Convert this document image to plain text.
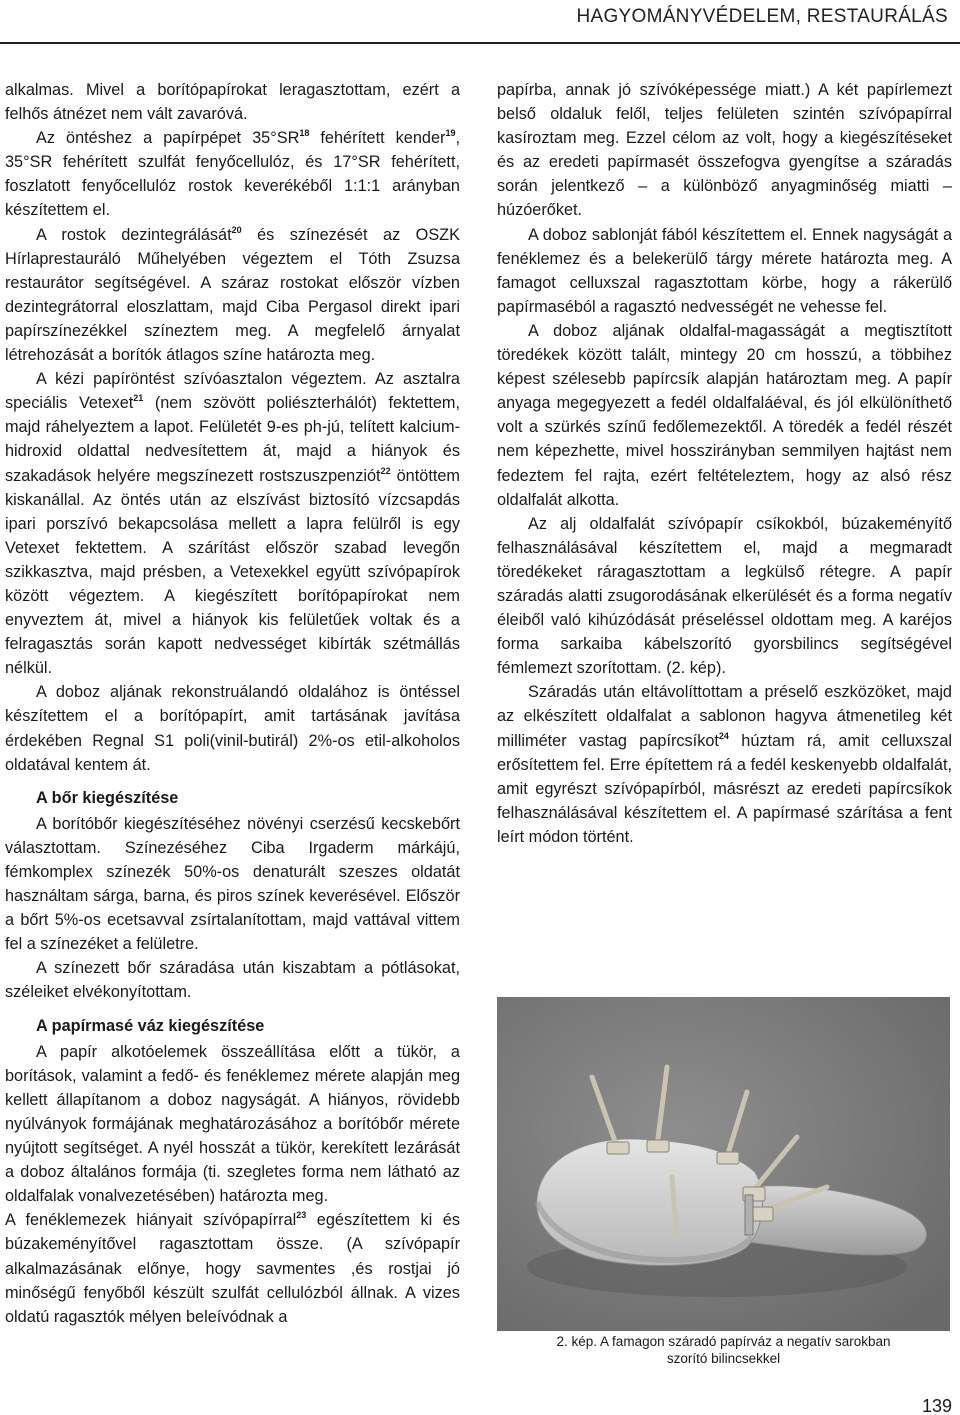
HAGYOMÁNYVÉDELEM, RESTAURÁLÁS

alkalmas. Mivel a borítópapírokat leragasztottam, ezért a felhős átnézet nem vált zavaróvá.

Az öntéshez a papírpépet 35°SR$^{18}$ fehérített kender$^{19}$, 35°SR fehérített szulfát fenyőcellulóz, és 17°SR fehérített, foszlatott fenyőcellulóz rostok keverékéből 1:1:1 arányban készítettem el.

A rostok dezintegrálását$^{20}$ és színezését az OSZK Hírlaprestauráló Műhelyében végeztem el Tóth Zsuzsa restaurátor segítségével. A száraz rostokat először vízben dezintegrátorral eloszlattam, majd Ciba Pergasol direkt ipari papírszínezékkel színeztem meg. A megfelelő árnyalat létrehozását a borítók átlagos színe határozta meg.

A kézi papíröntést szívóasztalon végeztem. Az asztalra speciális Vetexet$^{21}$ (nem szövött poliészterhálót) fektettem, majd ráhelyeztem a lapot. Felületét 9-es ph-jú, telített kalcium- hidroxid oldattal nedvesítettem át, majd a hiányok és szakadások helyére megszínezett rostszuszpenziót$^{22}$ öntöttem kiskanállal. Az öntés után az elszívást biztosító vízcsapdás ipari porszívó bekapcsolása mellett a lapra felülről is egy Vetexet fektettem. A szárítást először szabad levegőn szikkasztva, majd présben, a Vetexekkel együtt szívópapírok között végeztem. A kiegészített borítópapírokat nem enyvеztem át, mivel a hiányok kis felületűek voltak és a felragasztás során kapott nedvességet kibírták szétmállás nélkül.

A doboz aljának rekonstruálandó oldalához is öntéssel készítettem el a borítópapírt, amit tartásának javítása érdekében Regnal S1 poli(vinil-butirál) 2%-os etil-alkoholos oldatával kentem át.

A bőr kiegészítése

A borítóbőr kiegészítéséhez növényi cserzésű kecskebőrt választottam. Színezéséhez Ciba Irgaderm márkájú, fémkomplex színezék 50%-os denaturált szeszes oldatát használtam sárga, barna, és piros színek keverésével. Először a bőrt 5%-os ecetsavval zsírtalanítottam, majd vattával vittem fel a színezéket a felületre.

A színezett bőr száradása után kiszabtam a pótlásokat, széleiket elvékonyítottam.

A papírmasé váz kiegészítése

A papír alkotóelemek összeállítása előtt a tükör, a borítások, valamint a fedő- és fenéklemez mérete alapján meg kellett állapítanom a doboz nagyságát. A hiányos, rövidebb nyúlványok formájának meghatározásához a borítóbőr mérete nyújtott segítséget. A nyél hosszát a tükör, kerekített lezárását a doboz általános formája (ti. szegletes forma nem látható az oldalfalak vonalvezetésében) határozta meg.

A fenéklemezek hiányait szívópapírral$^{23}$ egészítettem ki és búzakeményítővel ragasztottam össze. (A szívópapír alkalmazásának előnye, hogy savmentes ,és rostjai jó minőségű fenyőből készült szulfát cellulózból állnak. A vizes oldatú ragasztók mélyen beleívódnak a

papírba, annak jó szívóképessége miatt.) A két papírlemezt belső oldaluk felől, teljes felületen szintén szívópapírral kasíroztam meg. Ezzel célom az volt, hogy a kiegészítéseket és az eredeti papírmasét összefogva gyengítse a száradás során jelentkező – a különböző anyagminőség miatti – húzóerőket.

A doboz sablonját fából készítettem el. Ennek nagyságát a fenéklemez és a belekerülő tárgy mérete határozta meg. A famagot celluxszal ragasztottam körbe, hogy a rákerülő papírmaséból a ragasztó nedvességét ne vehesse fel.

A doboz aljának oldalfal-magasságát a megtisztított töredékek között talált, mintegy 20 cm hosszú, a többihez képest szélesebb papírcsík alapján határoztam meg. A papír anyaga megegyezett a fedél oldalfaláéval, és jól elkülöníthető volt a szürkés színű fedőlemezektől. A töredék a fedél részét nem képezhette, mivel hosszirányban semmilyen hajtást nem fedeztem fel rajta, ezért feltételeztem, hogy az alsó rész oldalfalát alkotta.

Az alj oldalfalát szívópapír csíkokból, búzakeményítő felhasználásával készítettem el, majd a megmaradt töredékeket ráragasztottam a legkülső rétegre. A papír száradás alatti zsugorodásának elkerülését és a forma negatív éleiből való kihúzódását préseléssel oldottam meg. A karéjos forma sarkaiba kábelszorító gyorsbilincs segítségével fémlemezt szorítottam. (2. kép).

Száradás után eltávolíttottam a préselő eszközöket, majd az elkészített oldalfalat a sablonon hagyva átmenetileg két milliméter vastag papírcsíkot$^{24}$ húztam rá, amit celluxszal erősítettem fel. Erre építettem rá a fedél keskenyebb oldalfalát, amit egyrészt szívópapírból, másrészt az eredeti papírcsíkok felhasználásával készítettem el. A papírmasé szárítása a fent leírt módon történt.

2. kép. A famagon száradó papírváz a negatív sarokban
szorító bilincsekkel
139
